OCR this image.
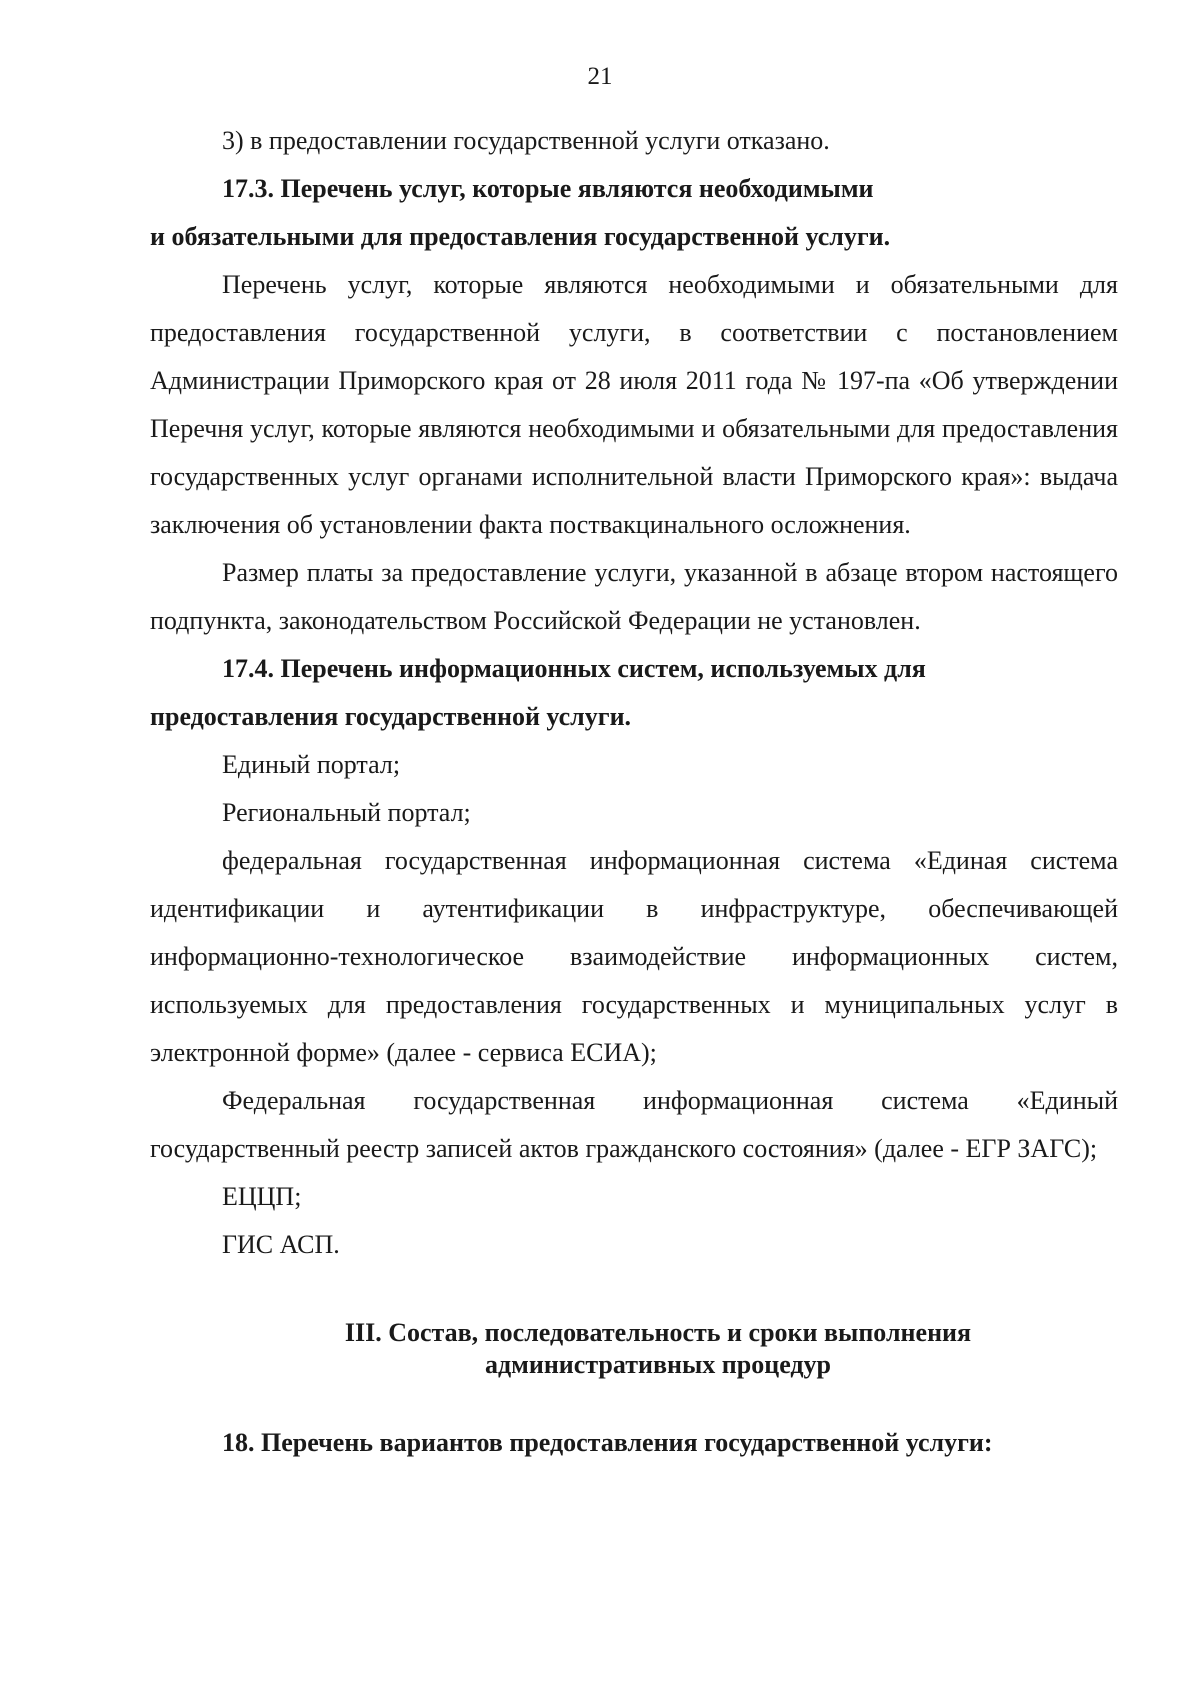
21

3) в предоставлении государственной услуги отказано.

17.3. Перечень услуг, которые являются необходимыми

и обязательными для предоставления государственной услуги.

Перечень услуг, которые являются необходимыми и обязательными для предоставления государственной услуги, в соответствии с постановлением Администрации Приморского края от 28 июля 2011 года № 197-па «Об утверждении Перечня услуг, которые являются необходимыми и обязательными для предоставления государственных услуг органами исполнительной власти Приморского края»: выдача заключения об установлении факта поствакцинального осложнения.

Размер платы за предоставление услуги, указанной в абзаце втором настоящего подпункта, законодательством Российской Федерации не установлен.

17.4. Перечень информационных систем, используемых для

предоставления государственной услуги.

Единый портал;

Региональный портал;

федеральная государственная информационная система «Единая система идентификации и аутентификации в инфраструктуре, обеспечивающей информационно-технологическое взаимодействие информационных систем, используемых для предоставления государственных и муниципальных услуг в электронной форме» (далее - сервиса ЕСИА);

Федеральная государственная информационная система «Единый государственный реестр записей актов гражданского состояния» (далее - ЕГР ЗАГС);

ЕЦЦП;

ГИС АСП.

III. Состав, последовательность и сроки выполнения

административных процедур

18. Перечень вариантов предоставления государственной услуги:
